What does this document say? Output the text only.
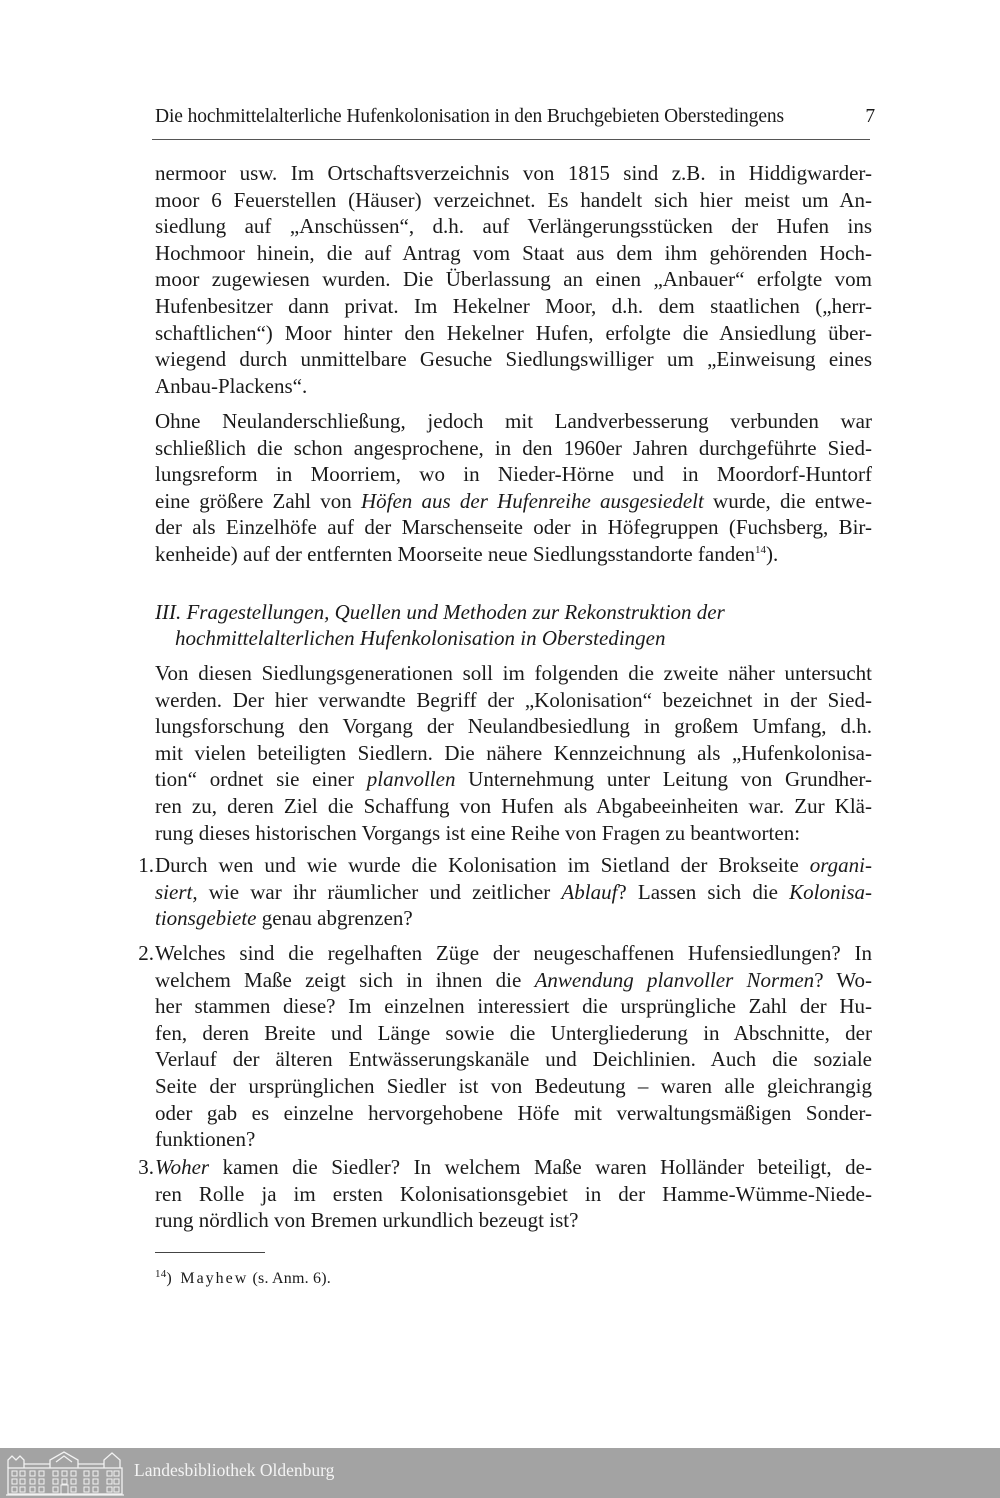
Die hochmittelalterliche Hufenkolonisation in den Bruchgebieten Oberstedingens	7
nermoor usw. Im Ortschaftsverzeichnis von 1815 sind z.B. in Hiddigwarder-
moor 6 Feuerstellen (Häuser) verzeichnet. Es handelt sich hier meist um An-
siedlung auf „Anschüssen“, d.h. auf Verlängerungsstücken der Hufen ins
Hochmoor hinein, die auf Antrag vom Staat aus dem ihm gehörenden Hoch-
moor zugewiesen wurden. Die Überlassung an einen „Anbauer“ erfolgte vom
Hufenbesitzer dann privat. Im Hekelner Moor, d.h. dem staatlichen („herr-
schaftlichen“) Moor hinter den Hekelner Hufen, erfolgte die Ansiedlung über-
wiegend durch unmittelbare Gesuche Siedlungswilliger um „Einweisung eines
Anbau-Plackens“.
Ohne Neulanderschließung, jedoch mit Landverbesserung verbunden war
schließlich die schon angesprochene, in den 1960er Jahren durchgeführte Sied-
lungsreform in Moorriem, wo in Nieder-Hörne und in Moordorf-Huntorf
eine größere Zahl von Höfen aus der Hufenreihe ausgesiedelt wurde, die entwe-
der als Einzelhöfe auf der Marschenseite oder in Höfegruppen (Fuchsberg, Bir-
kenheide) auf der entfernten Moorseite neue Siedlungsstandorte fanden$^{14}$).
III. Fragestellungen, Quellen und Methoden zur Rekonstruktion der
hochmittelalterlichen Hufenkolonisation in Oberstedingen
Von diesen Siedlungsgenerationen soll im folgenden die zweite näher untersucht
werden. Der hier verwandte Begriff der „Kolonisation“ bezeichnet in der Sied-
lungsforschung den Vorgang der Neulandbesiedlung in großem Umfang, d.h.
mit vielen beteiligten Siedlern. Die nähere Kennzeichnung als „Hufenkolonisa-
tion“ ordnet sie einer planvollen Unternehmung unter Leitung von Grundher-
ren zu, deren Ziel die Schaffung von Hufen als Abgabeeinheiten war. Zur Klä-
rung dieses historischen Vorgangs ist eine Reihe von Fragen zu beantworten:
1. Durch wen und wie wurde die Kolonisation im Sietland der Brokseite organi-
siert, wie war ihr räumlicher und zeitlicher Ablauf? Lassen sich die Kolonisa-
tionsgebiete genau abgrenzen?
2. Welches sind die regelhaften Züge der neugeschaffenen Hufensiedlungen? In
welchem Maße zeigt sich in ihnen die Anwendung planvoller Normen? Wo-
her stammen diese? Im einzelnen interessiert die ursprüngliche Zahl der Hu-
fen, deren Breite und Länge sowie die Untergliederung in Abschnitte, der
Verlauf der älteren Entwässerungskanäle und Deichlinien. Auch die soziale
Seite der ursprünglichen Siedler ist von Bedeutung – waren alle gleichrangig
oder gab es einzelne hervorgehobene Höfe mit verwaltungsmäßigen Sonder-
funktionen?
3. Woher kamen die Siedler? In welchem Maße waren Holländer beteiligt, de-
ren Rolle ja im ersten Kolonisationsgebiet in der Hamme-Wümme-Niede-
rung nördlich von Bremen urkundlich bezeugt ist?
$^{14}$) Mayhew (s. Anm. 6).
Landesbibliothek Oldenburg
